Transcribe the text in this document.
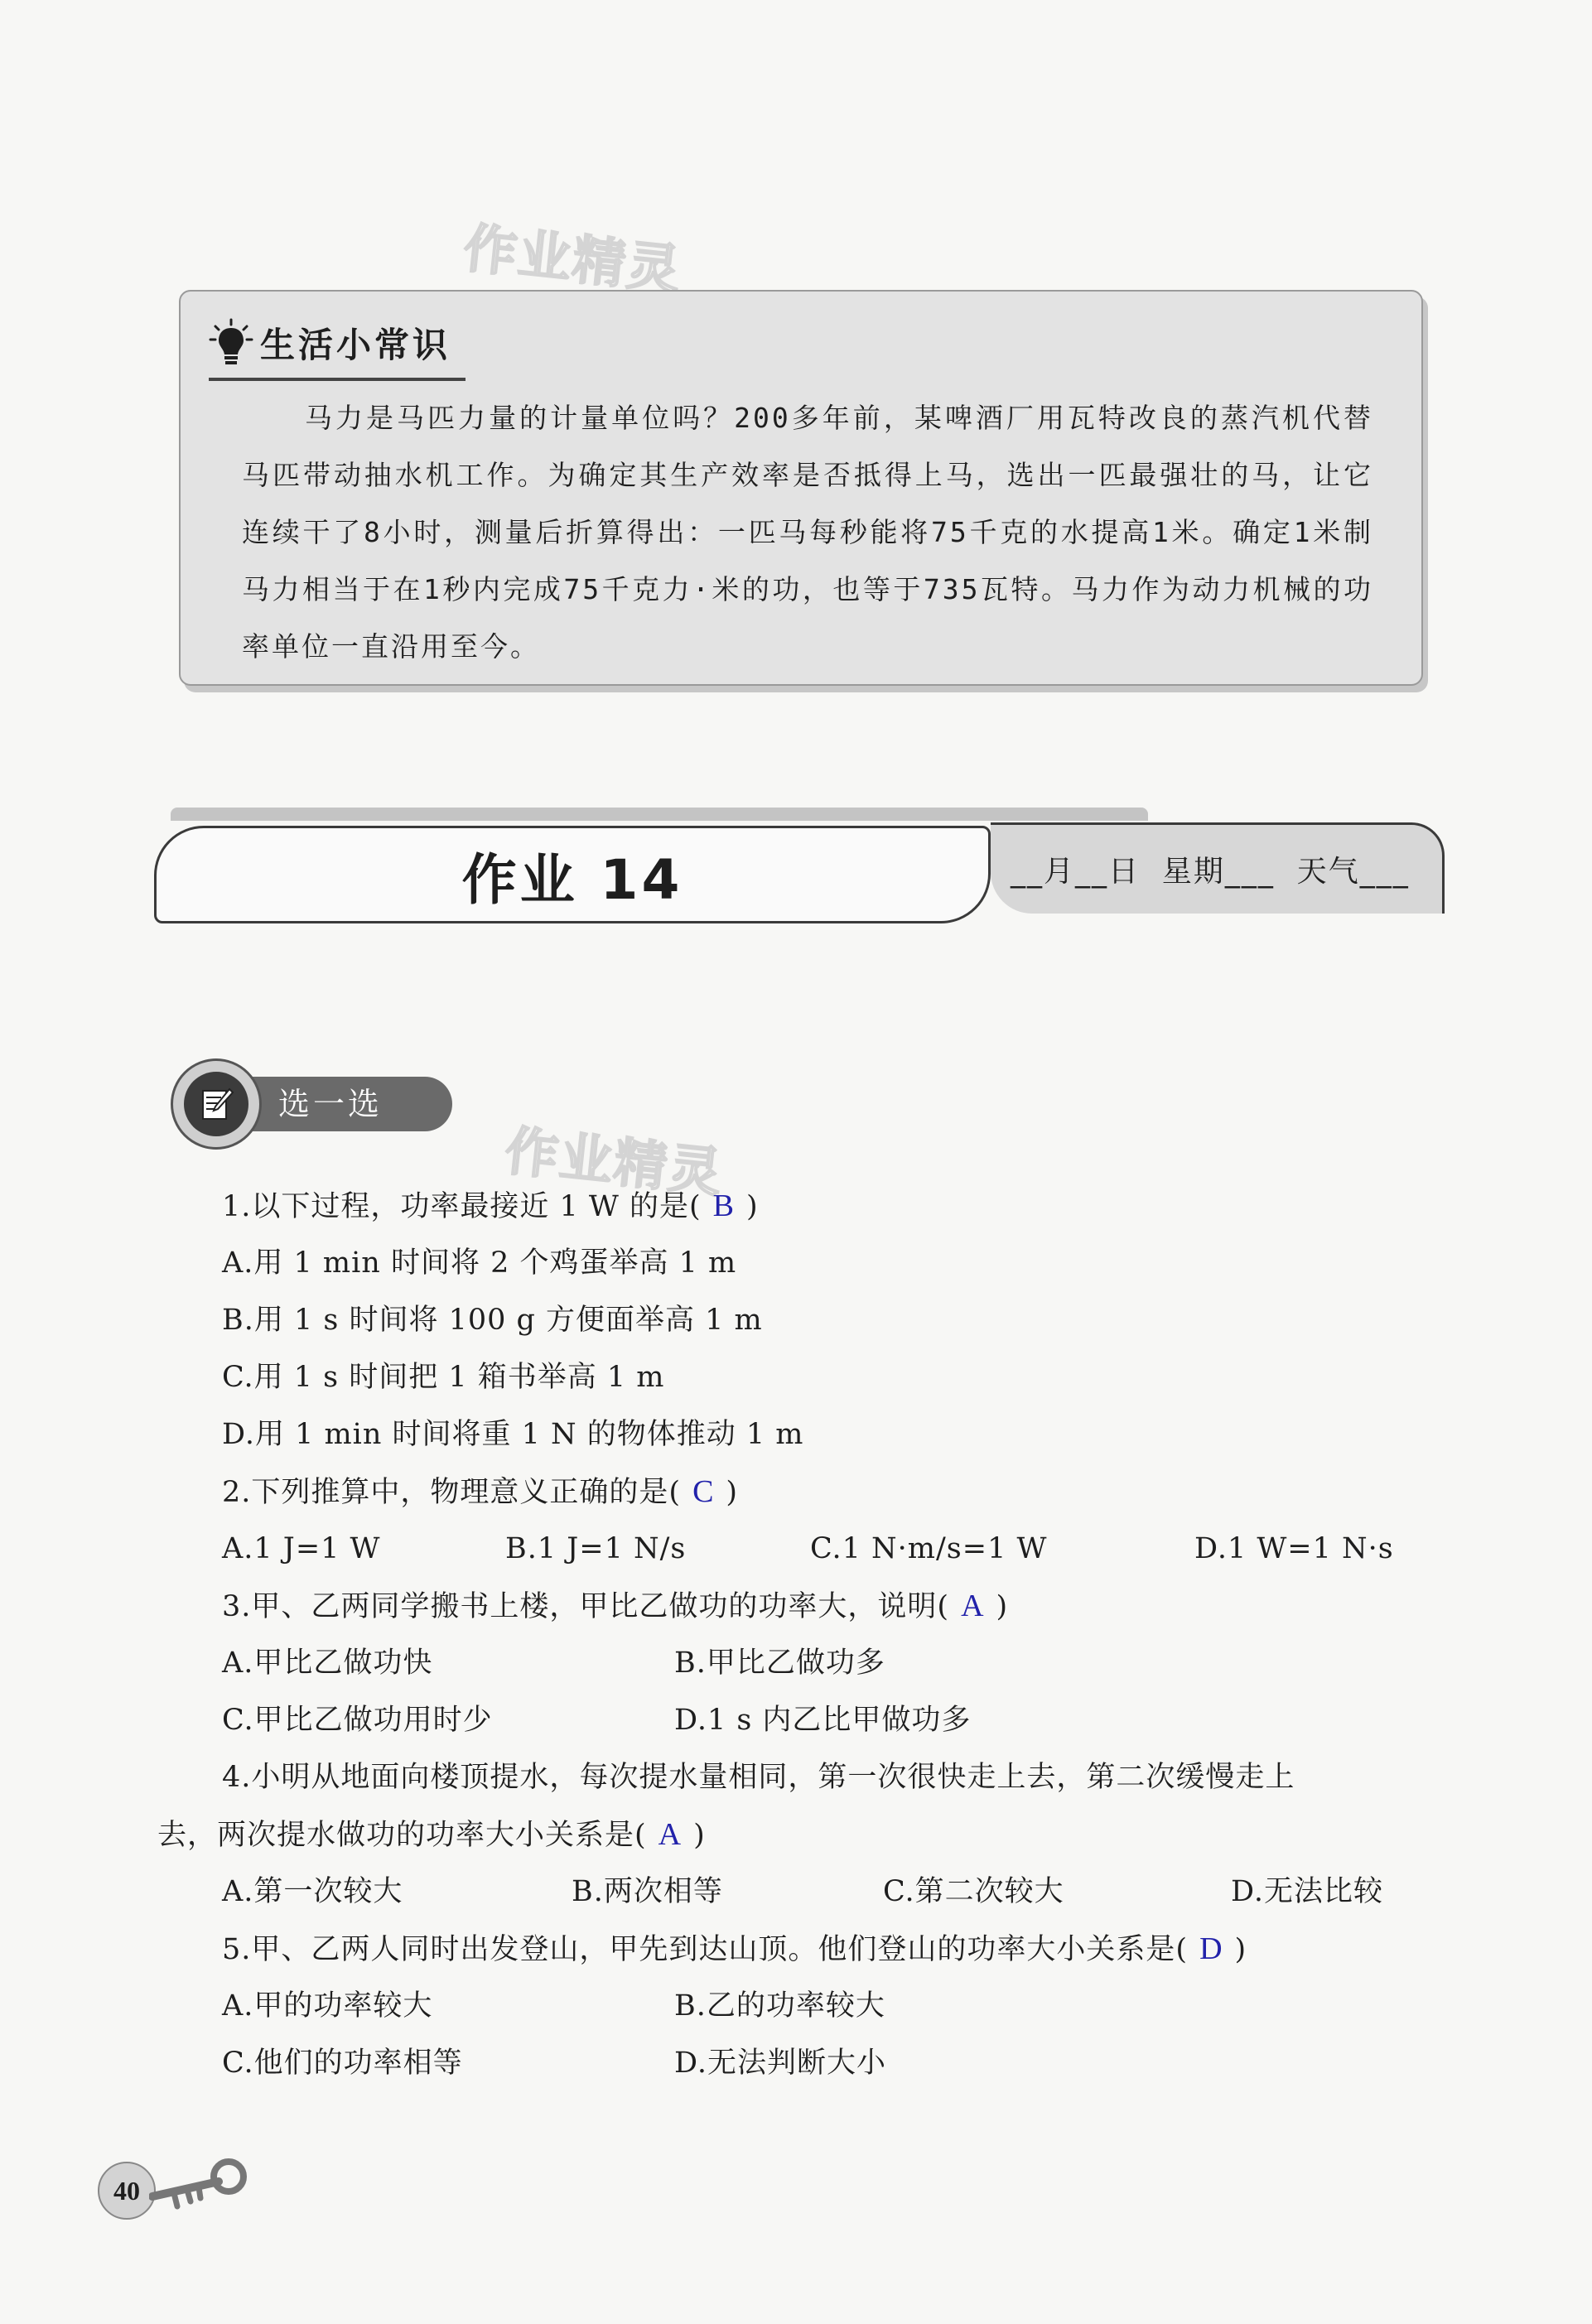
作业精灵
作业精灵
生活小常识
马力是马匹力量的计量单位吗？200多年前，某啤酒厂用瓦特改良的蒸汽机代替马匹带动抽水机工作。为确定其生产效率是否抵得上马，选出一匹最强壮的马，让它连续干了8小时，测量后折算得出：一匹马每秒能将75千克的水提高1米。确定1米制马力相当于在1秒内完成75千克力·米的功，也等于735瓦特。马力作为动力机械的功率单位一直沿用至今。
作业 14	__月__日  星期___  天气___
选一选
1.以下过程，功率最接近 1 W 的是( B )
A.用 1 min 时间将 2 个鸡蛋举高 1 m
B.用 1 s 时间将 100 g 方便面举高 1 m
C.用 1 s 时间把 1 箱书举高 1 m
D.用 1 min 时间将重 1 N 的物体推动 1 m
2.下列推算中，物理意义正确的是( C )
A.1 J=1 W	B.1 J=1 N/s	C.1 N·m/s=1 W	D.1 W=1 N·s
3.甲、乙两同学搬书上楼，甲比乙做功的功率大，说明( A )
A.甲比乙做功快	B.甲比乙做功多
C.甲比乙做功用时少	D.1 s 内乙比甲做功多
4.小明从地面向楼顶提水，每次提水量相同，第一次很快走上去，第二次缓慢走上
去，两次提水做功的功率大小关系是( A )
A.第一次较大	B.两次相等	C.第二次较大	D.无法比较
5.甲、乙两人同时出发登山，甲先到达山顶。他们登山的功率大小关系是( D )
A.甲的功率较大	B.乙的功率较大
C.他们的功率相等	D.无法判断大小
40
